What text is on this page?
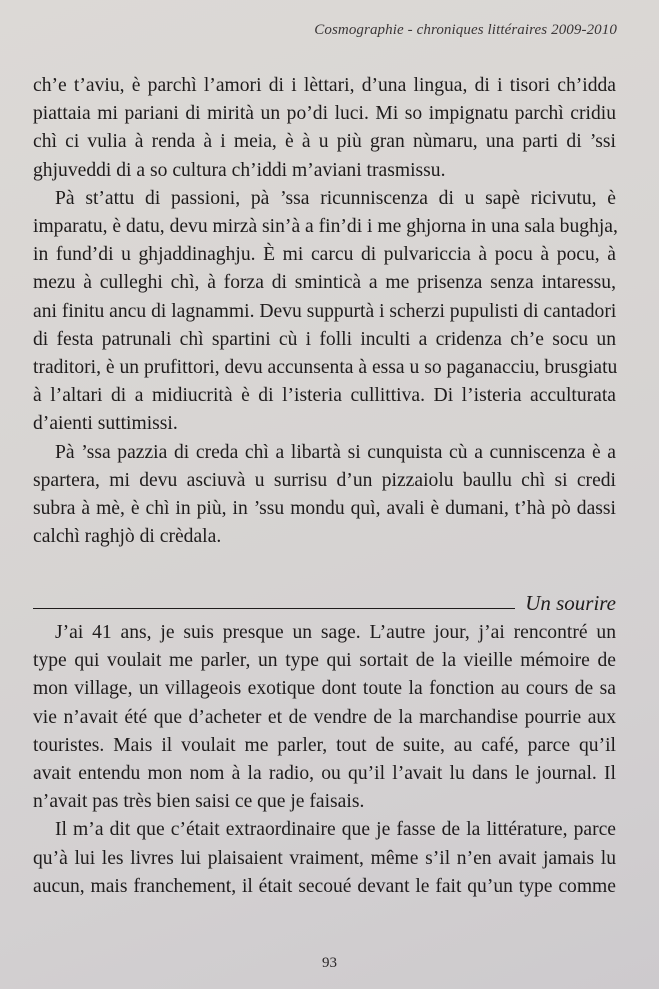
Cosmographie - chroniques littéraires 2009-2010

ch’e t’aviu, è parchì l’amori di i lèttari, d’una lingua, di i tisori ch’idda
piattaia mi pariani di mirità un po’di luci. Mi so impignatu parchì cridiu
chì ci vulia à renda à i meia, è à u più gran nùmaru, una parti di ’ssi
ghjuveddi di a so cultura ch’iddi m’aviani trasmissu.

Pà st’attu di passioni, pà ’ssa ricunniscenza di u sapè ricivutu, è
imparatu, è datu, devu mirzà sin’à a fin’di i me ghjorna in una sala bughja,
in fund’di u ghjaddinaghju. È mi carcu di pulvariccia à pocu à pocu, à
mezu à culleghi chì, à forza di sminticà a me prisenza senza intaressu,
ani finitu ancu di lagnammi. Devu suppurtà i scherzi pupulisti di cantadori
di festa patrunali chì spartini cù i folli inculti a cridenza ch’e socu un
traditori, è un prufittori, devu accunsenta à essa u so paganacciu, brusgiatu
à l’altari di a midiucrità è di l’isteria cullittiva. Di l’isteria acculturata
d’aienti suttimissi.

Pà ’ssa pazzia di creda chì a libartà si cunquista cù a cunniscenza è a
spartera, mi devu asciuvà u surrisu d’un pizzaiolu baullu chì si credi
subra à mè, è chì in più, in ’ssu mondu quì, avali è dumani, t’hà pò dassi
calchì raghjò di crèdala.

Un sourire

J’ai 41 ans, je suis presque un sage. L’autre jour, j’ai rencontré un
type qui voulait me parler, un type qui sortait de la vieille mémoire de
mon village, un villageois exotique dont toute la fonction au cours de sa
vie n’avait été que d’acheter et de vendre de la marchandise pourrie aux
touristes. Mais il voulait me parler, tout de suite, au café, parce qu’il
avait entendu mon nom à la radio, ou qu’il l’avait lu dans le journal. Il
n’avait pas très bien saisi ce que je faisais.

Il m’a dit que c’était extraordinaire que je fasse de la littérature, parce
qu’à lui les livres lui plaisaient vraiment, même s’il n’en avait jamais lu
aucun, mais franchement, il était secoué devant le fait qu’un type comme

93
